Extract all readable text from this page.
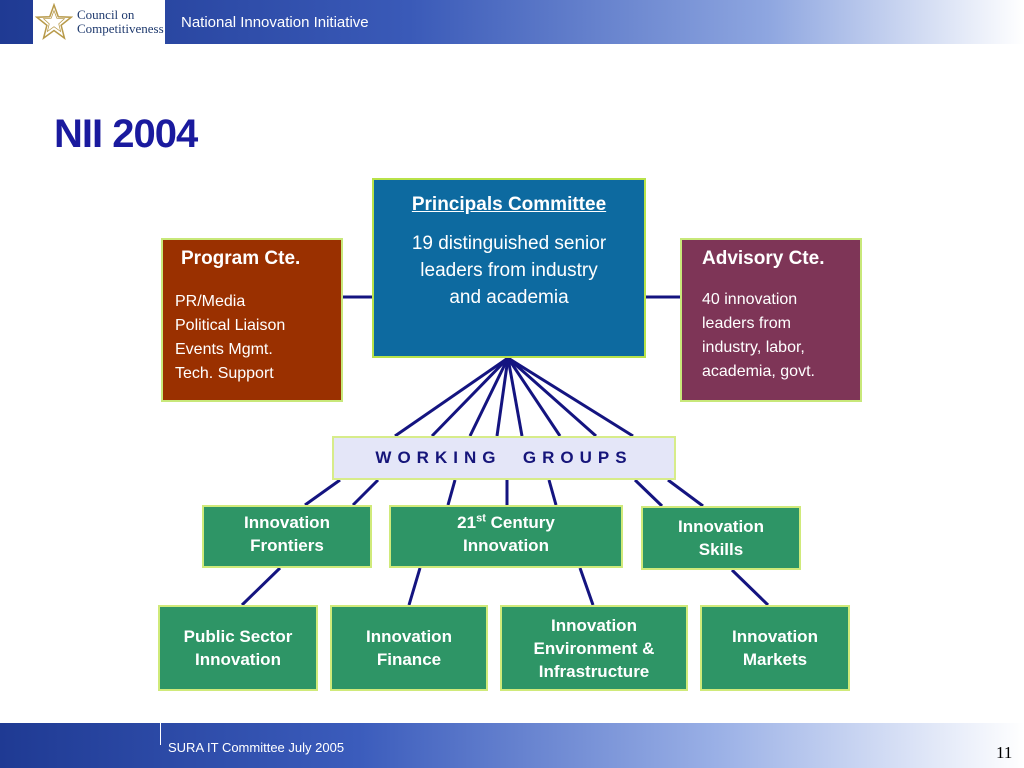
Council on
Competitiveness National Innovation Initiative
NII 2004
Principals Committee
19 distinguished senior
leaders from industry
and academia
Program Cte.
PR/Media
Political Liaison
Events Mgmt.
Tech. Support
Advisory Cte.
40 innovation
leaders from
industry, labor,
academia, govt.
WORKING  GROUPS
Innovation
Frontiers
21st Century
Innovation
Innovation
Skills
Public Sector
Innovation
Innovation
Finance
Innovation
Environment &
Infrastructure
Innovation
Markets
SURA IT Committee July 2005	11
